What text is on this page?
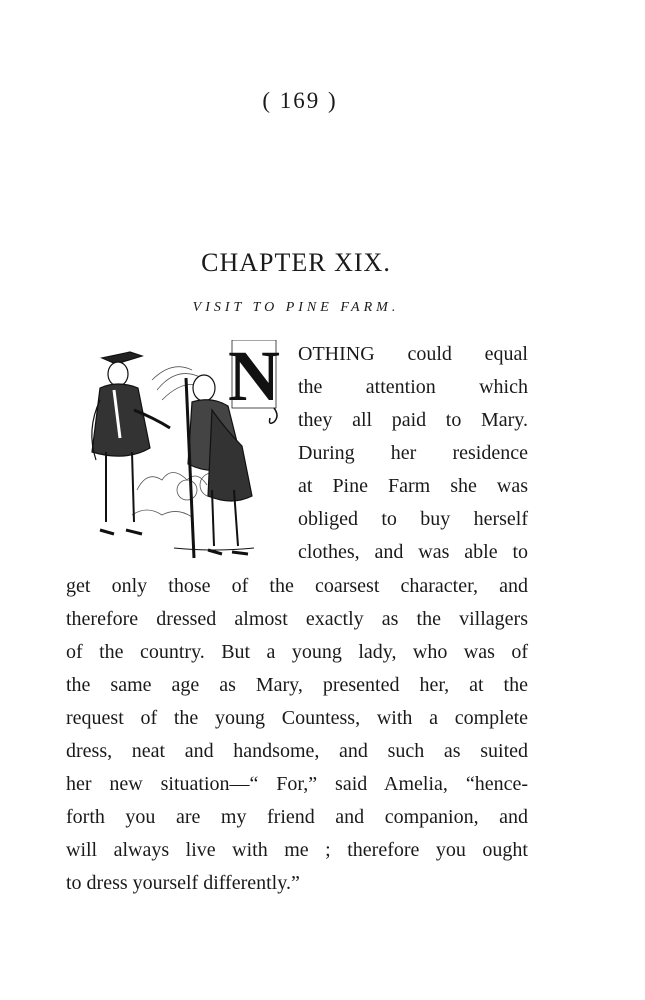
( 169 )
CHAPTER XIX.
VISIT TO PINE FARM.
N OTHING could equal
the attention which
they all paid to Mary.
During her residence
at Pine Farm she was
obliged to buy herself
clothes, and was able to
get only those of the coarsest character, and
therefore dressed almost exactly as the villagers
of the country. But a young lady, who was of
the same age as Mary, presented her, at the
request of the young Countess, with a complete
dress, neat and handsome, and such as suited
her new situation—“ For,” said Amelia, “hence-
forth you are my friend and companion, and
will always live with me ; therefore you ought
to dress yourself differently.”
